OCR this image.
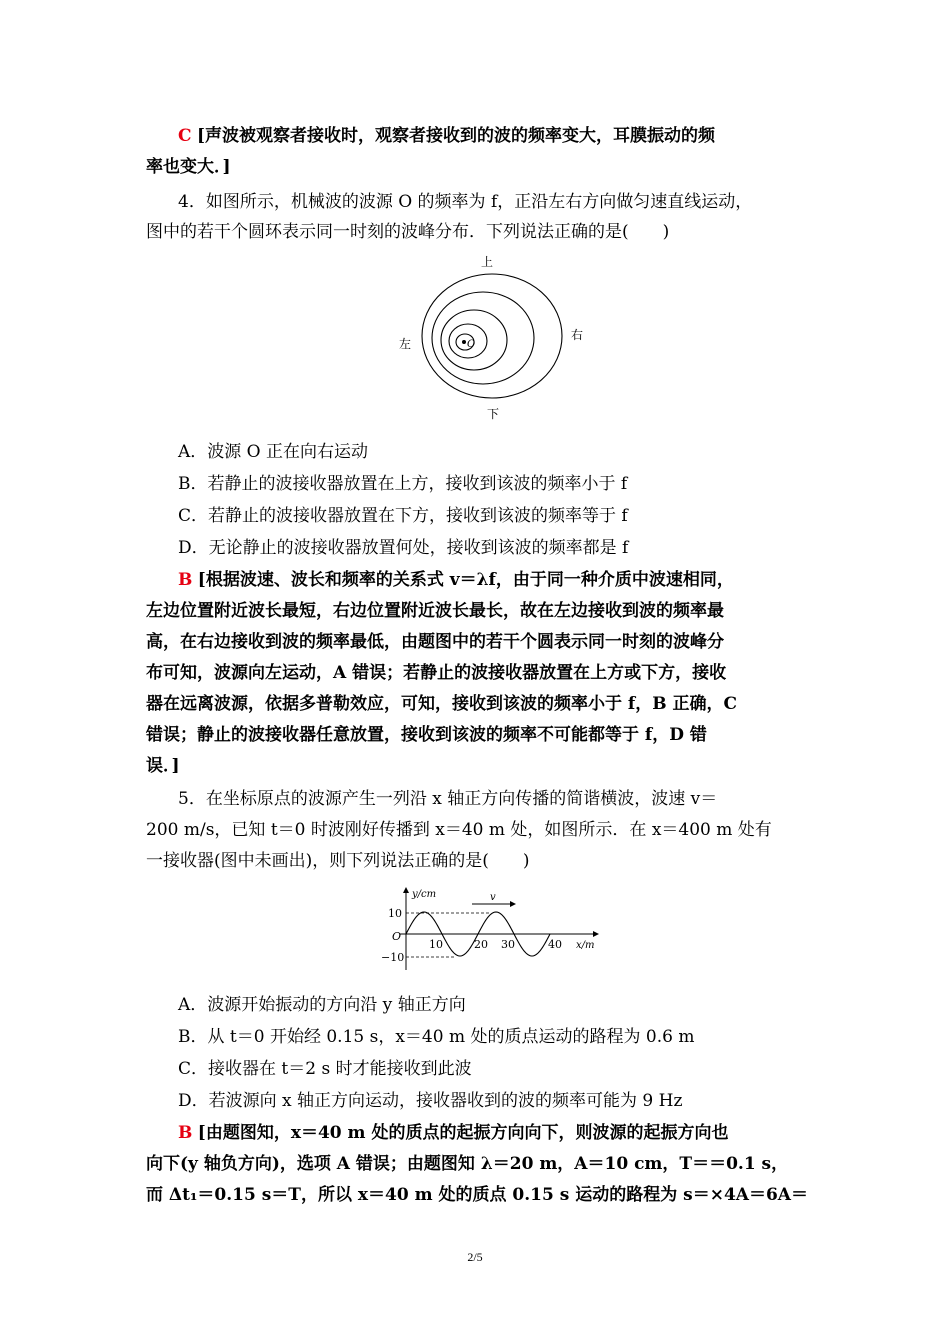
C [声波被观察者接收时，观察者接收到的波的频率变大，耳膜振动的频
率也变大．]
4．如图所示，机械波的波源 O 的频率为 f，正沿左右方向做匀速直线运动，
图中的若干个圆环表示同一时刻的波峰分布．下列说法正确的是(　　)
上
下
左
右
O
A．波源 O 正在向右运动
B．若静止的波接收器放置在上方，接收到该波的频率小于 f
C．若静止的波接收器放置在下方，接收到该波的频率等于 f
D．无论静止的波接收器放置何处，接收到该波的频率都是 f
B [根据波速、波长和频率的关系式 v＝λf，由于同一种介质中波速相同，
左边位置附近波长最短，右边位置附近波长最长，故在左边接收到波的频率最
高，在右边接收到波的频率最低，由题图中的若干个圆表示同一时刻的波峰分
布可知，波源向左运动，A 错误；若静止的波接收器放置在上方或下方，接收
器在远离波源，依据多普勒效应，可知，接收到该波的频率小于 f，B 正确，C
错误；静止的波接收器任意放置，接收到该波的频率不可能都等于 f，D 错
误．]
5．在坐标原点的波源产生一列沿 x 轴正方向传播的简谐横波，波速 v＝
200 m/s，已知 t＝0 时波刚好传播到 x＝40 m 处，如图所示．在 x＝400 m 处有
一接收器(图中未画出)，则下列说法正确的是(　　)
y/cm
x/m
O
10
−10
v
10	20 30	40
A．波源开始振动的方向沿 y 轴正方向
B．从 t＝0 开始经 0.15 s，x＝40 m 处的质点运动的路程为 0.6 m
C．接收器在 t＝2 s 时才能接收到此波
D．若波源向 x 轴正方向运动，接收器收到的波的频率可能为 9 Hz
B [由题图知，x＝40 m 处的质点的起振方向向下，则波源的起振方向也
向下(y 轴负方向)，选项 A 错误；由题图知 λ＝20 m，A＝10 cm，T＝＝0.1 s，
而 Δt₁＝0.15 s＝T，所以 x＝40 m 处的质点 0.15 s 运动的路程为 s＝×4A＝6A＝
2/5
